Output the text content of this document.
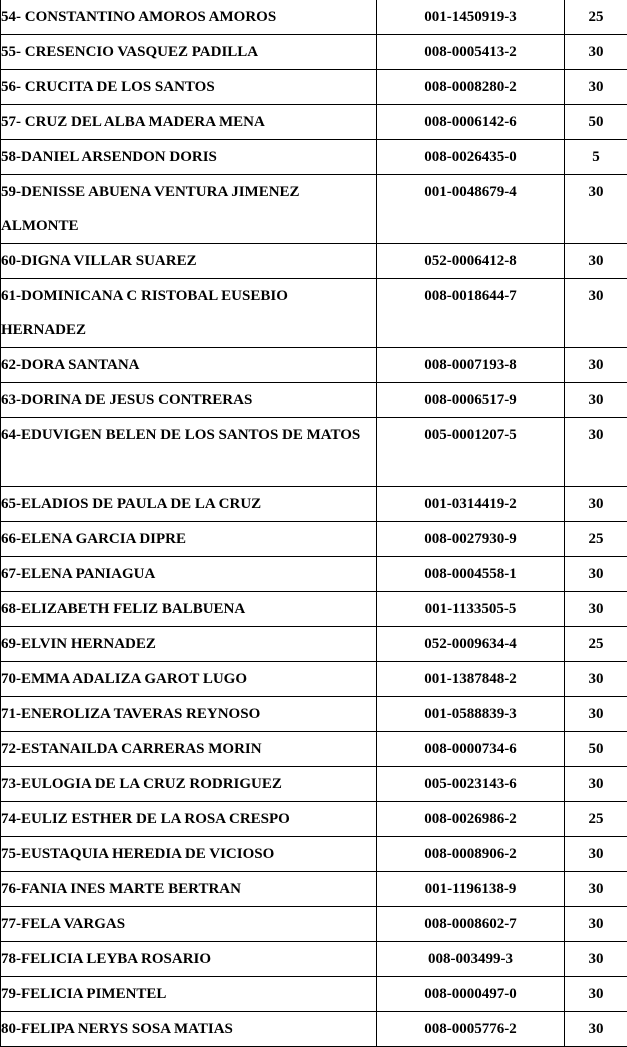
54- CONSTANTINO AMOROS AMOROS	001-1450919-3	25
55- CRESENCIO VASQUEZ PADILLA	008-0005413-2	30
56- CRUCITA DE LOS SANTOS	008-0008280-2	30
57- CRUZ DEL ALBA MADERA MENA	008-0006142-6	50
58-DANIEL ARSENDON DORIS	008-0026435-0	5
59-DENISSE ABUENA VENTURA JIMENEZ ALMONTE	001-0048679-4	30
60-DIGNA VILLAR SUAREZ	052-0006412-8	30
61-DOMINICANA C RISTOBAL EUSEBIO HERNADEZ	008-0018644-7	30
62-DORA SANTANA	008-0007193-8	30
63-DORINA DE JESUS CONTRERAS	008-0006517-9	30
64-EDUVIGEN BELEN DE LOS SANTOS DE MATOS	005-0001207-5	30
65-ELADIOS DE PAULA DE LA CRUZ	001-0314419-2	30
66-ELENA GARCIA DIPRE	008-0027930-9	25
67-ELENA PANIAGUA	008-0004558-1	30
68-ELIZABETH FELIZ BALBUENA	001-1133505-5	30
69-ELVIN HERNADEZ	052-0009634-4	25
70-EMMA ADALIZA GAROT LUGO	001-1387848-2	30
71-ENEROLIZA TAVERAS REYNOSO	001-0588839-3	30
72-ESTANAILDA CARRERAS MORIN	008-0000734-6	50
73-EULOGIA DE LA CRUZ RODRIGUEZ	005-0023143-6	30
74-EULIZ ESTHER DE LA ROSA CRESPO	008-0026986-2	25
75-EUSTAQUIA HEREDIA DE VICIOSO	008-0008906-2	30
76-FANIA INES MARTE BERTRAN	001-1196138-9	30
77-FELA VARGAS	008-0008602-7	30
78-FELICIA LEYBA ROSARIO	008-003499-3	30
79-FELICIA PIMENTEL	008-0000497-0	30
80-FELIPA NERYS SOSA MATIAS	008-0005776-2	30
